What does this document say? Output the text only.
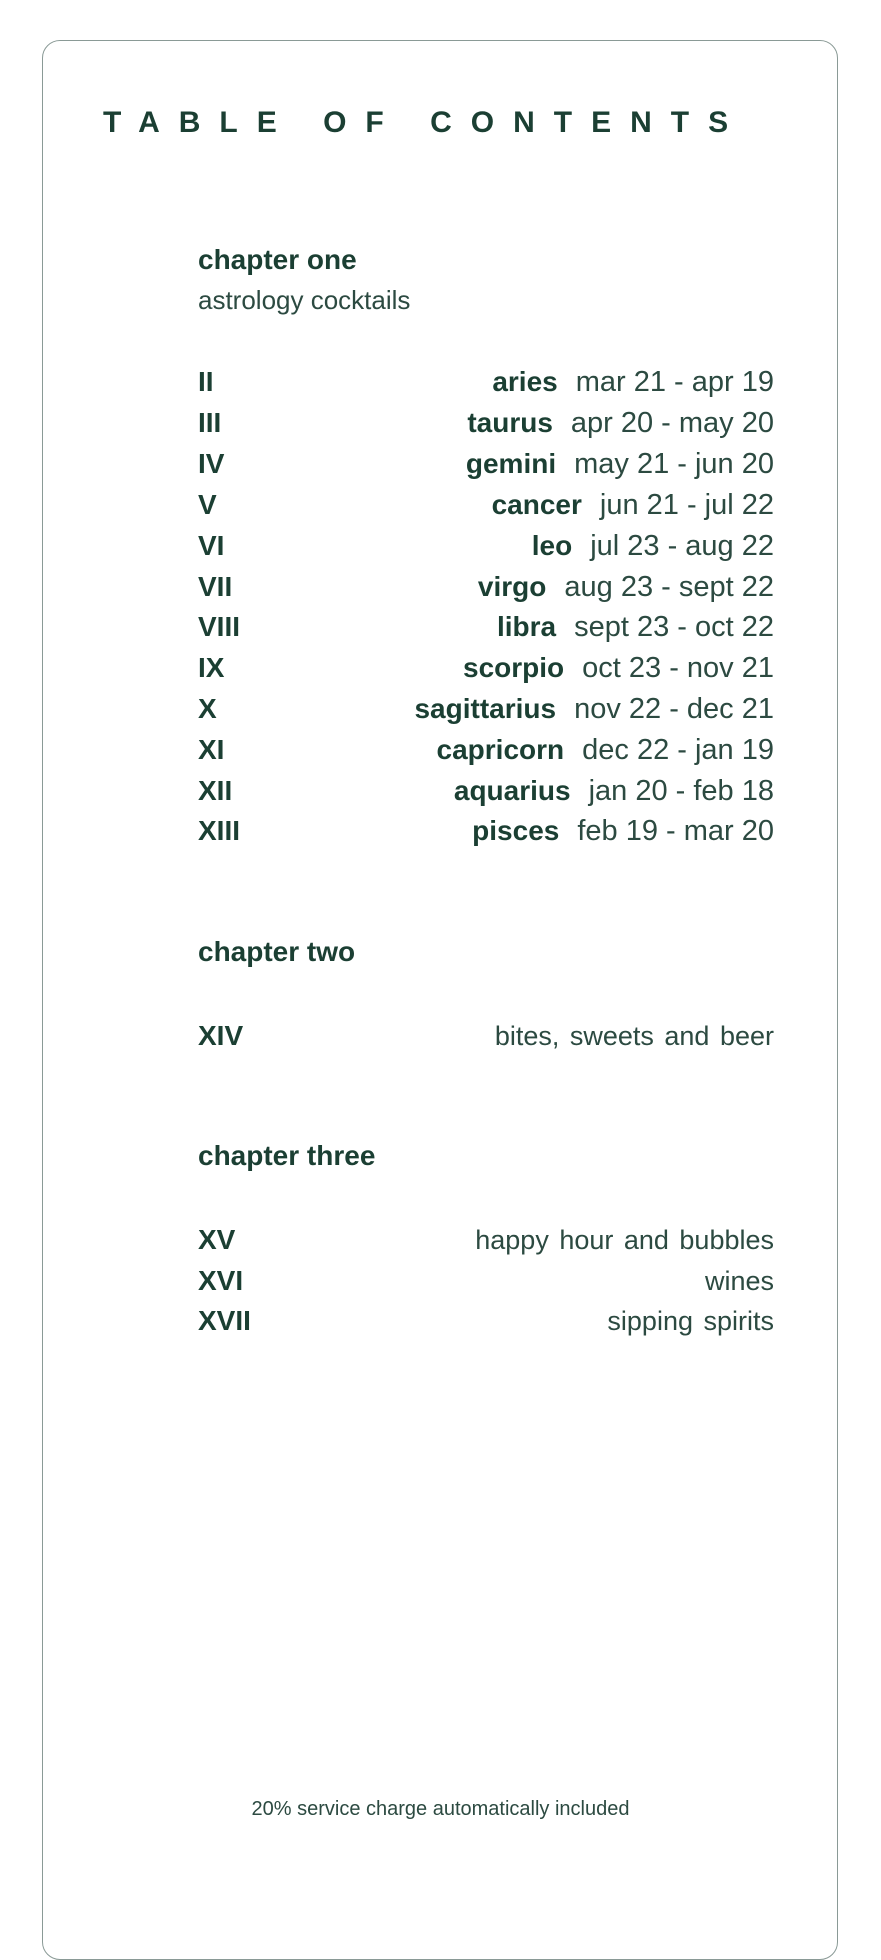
TABLE OF CONTENTS
chapter one

astrology cocktails

II	aries mar 21 - apr 19
III	taurus apr 20 - may 20
IV	gemini may 21 - jun 20
V	cancer jun 21 - jul 22
VI	leo jul 23 - aug 22
VII	virgo aug 23 - sept 22
VIII	libra sept 23 - oct 22
IX	scorpio oct 23 - nov 21
X	sagittarius nov 22 - dec 21
XI	capricorn dec 22 - jan 19
XII	aquarius jan 20 - feb 18
XIII	pisces feb 19 - mar 20
chapter two
XIV	bites, sweets and beer
chapter three
XV	happy hour and bubbles
XVI	wines
XVII	sipping spirits

20% service charge automatically included
